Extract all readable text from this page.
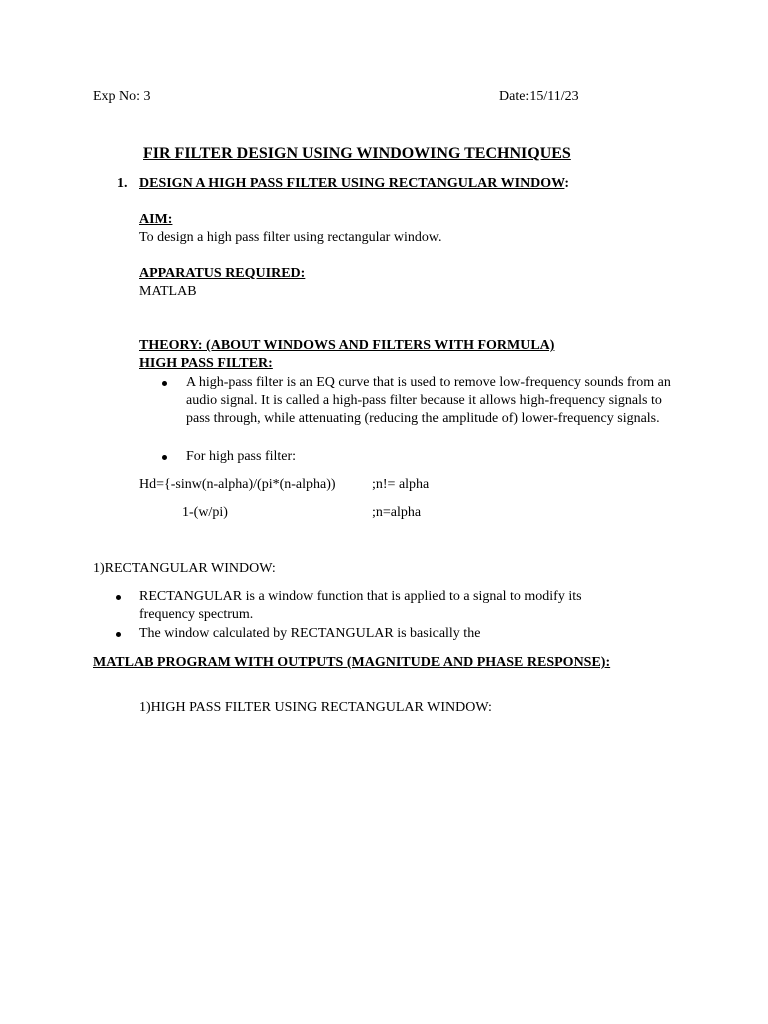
Exp No: 3	Date:15/11/23
FIR FILTER DESIGN USING WINDOWING TECHNIQUES
1. DESIGN A HIGH PASS FILTER USING RECTANGULAR WINDOW:
AIM:
To design a high pass filter using rectangular window.
APPARATUS REQUIRED:
MATLAB
THEORY: (ABOUT WINDOWS AND FILTERS WITH FORMULA)
HIGH PASS FILTER:
A high-pass filter is an EQ curve that is used to remove low-frequency sounds from an audio signal. It is called a high-pass filter because it allows high-frequency signals to pass through, while attenuating (reducing the amplitude of) lower-frequency signals.
For high pass filter:
Hd={-sinw(n-alpha)/(pi*(n-alpha))	;n!= alpha
1-(w/pi)	;n=alpha
1)RECTANGULAR WINDOW:
RECTANGULAR is a window function that is applied to a signal to modify its frequency spectrum.
The window calculated by RECTANGULAR is basically the
MATLAB PROGRAM WITH OUTPUTS (MAGNITUDE AND PHASE RESPONSE):
1)HIGH PASS FILTER USING RECTANGULAR WINDOW:
